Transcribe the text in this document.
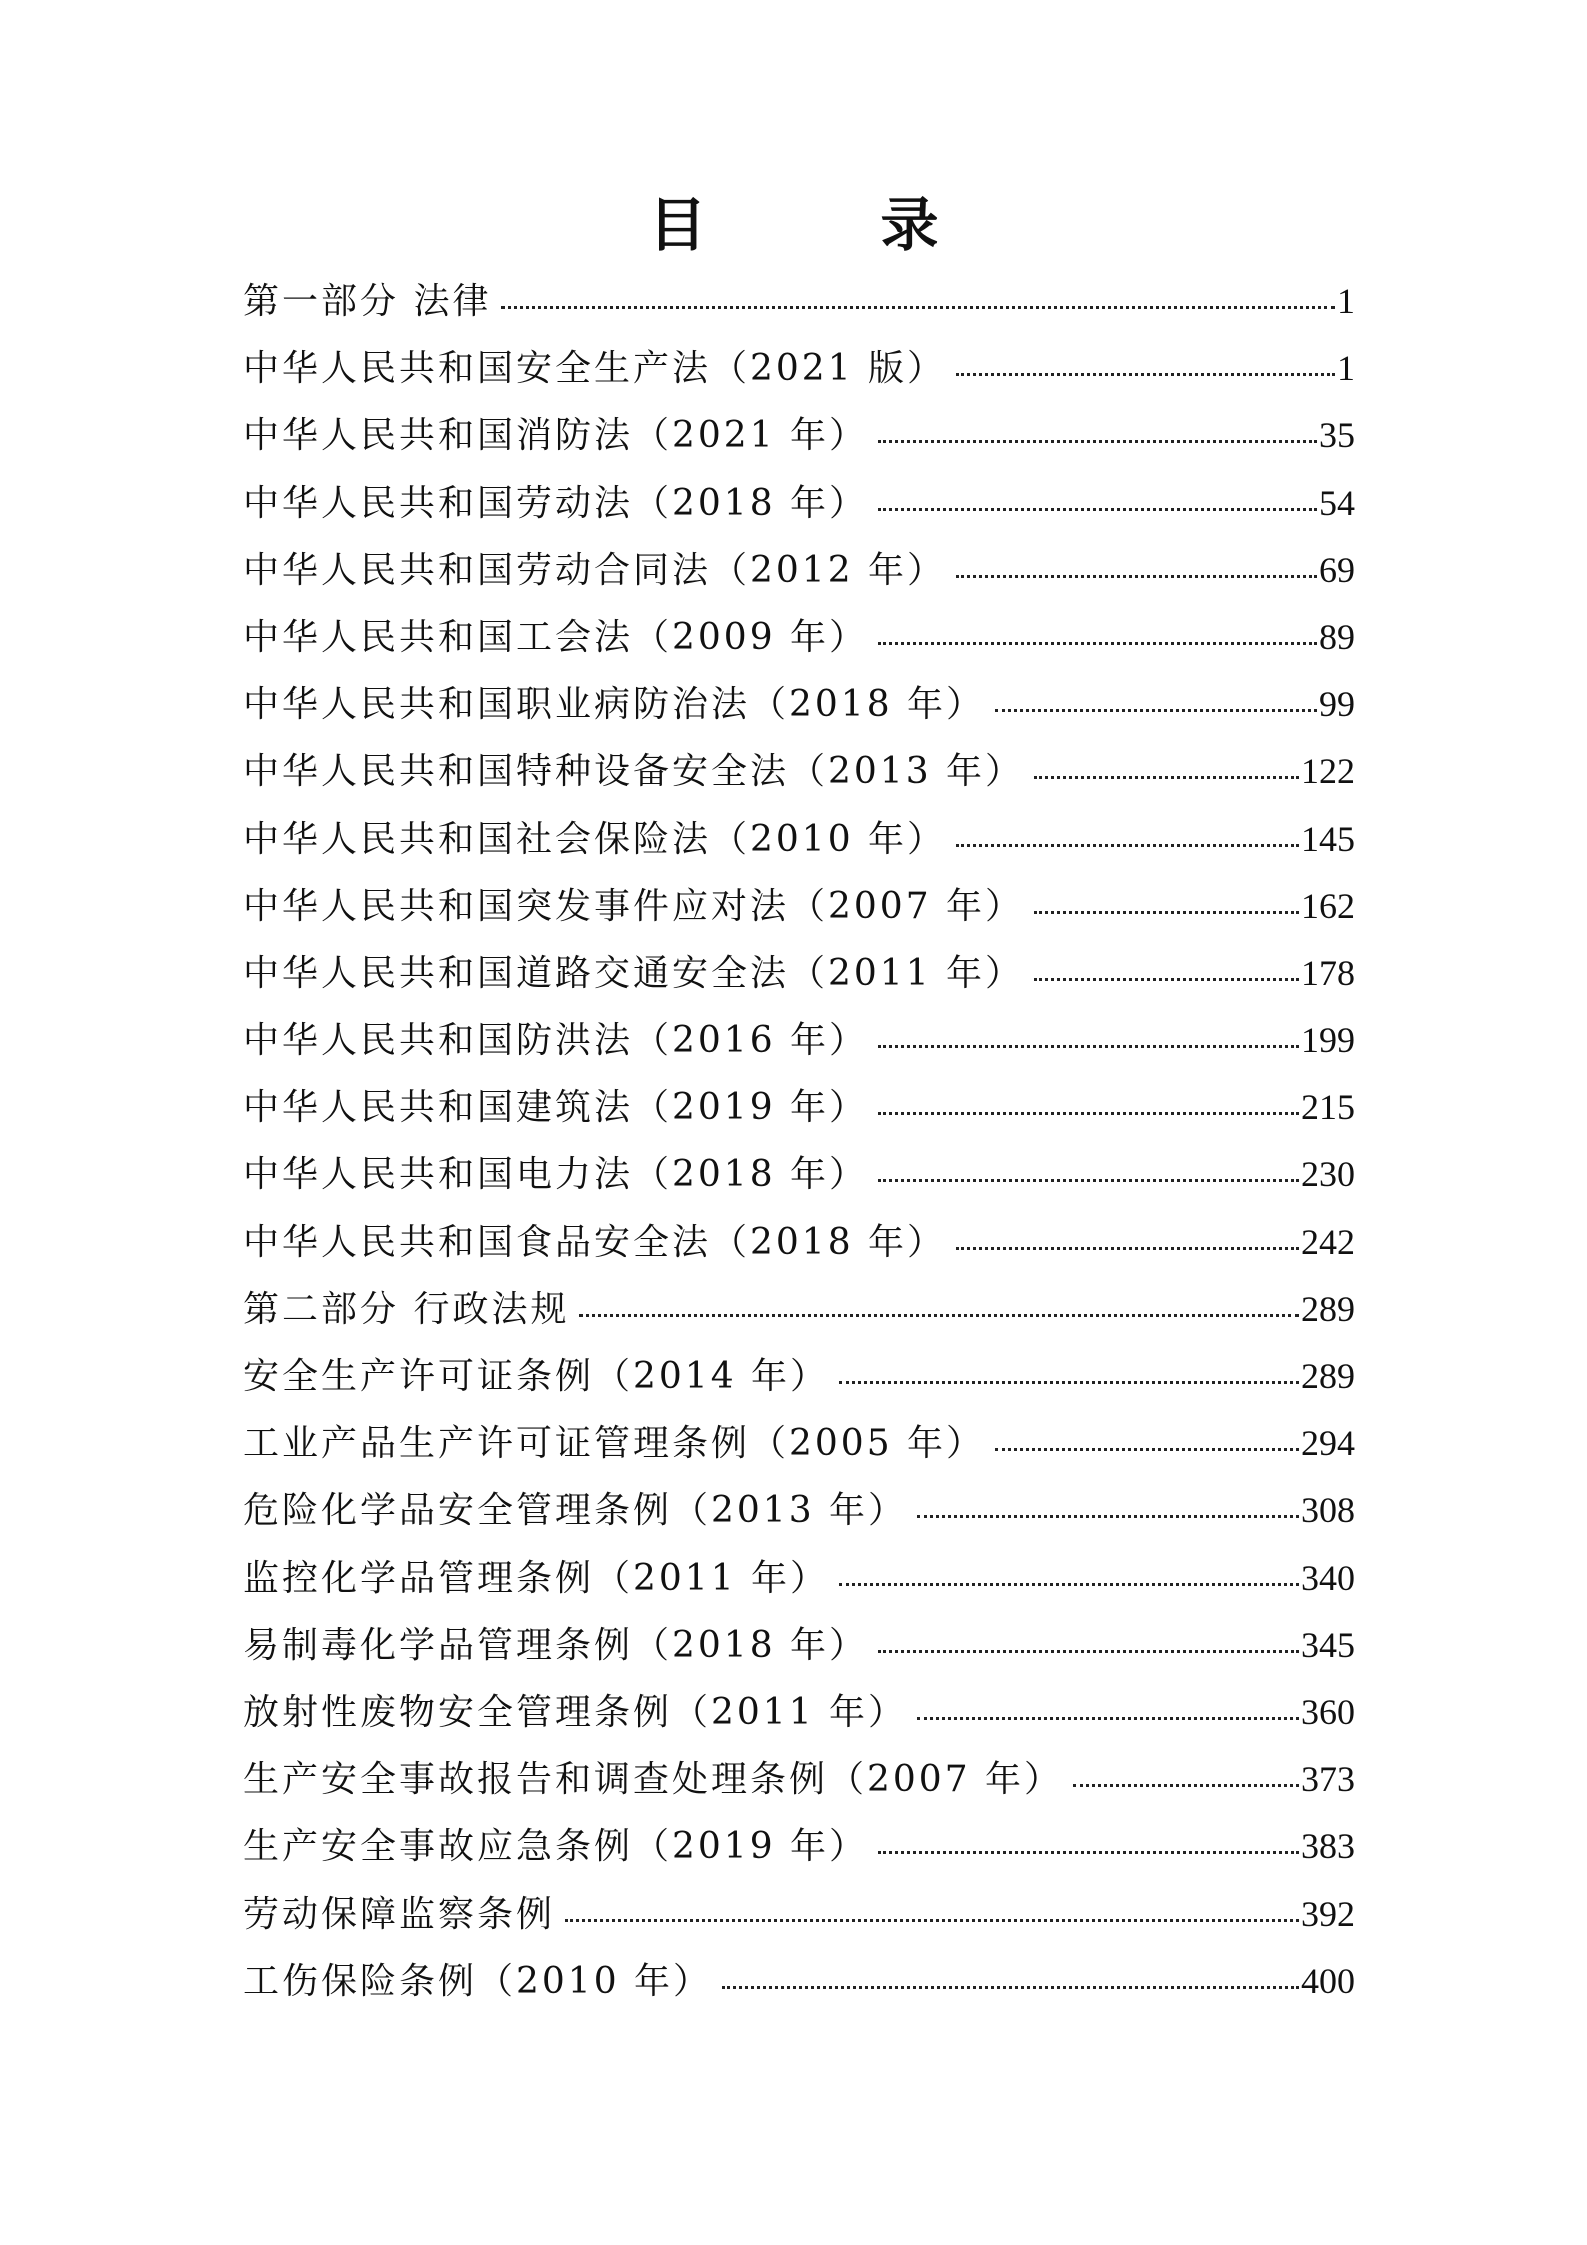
目　录
第一部分 法律	1
中华人民共和国安全生产法（2021 版）	1
中华人民共和国消防法（2021 年）	35
中华人民共和国劳动法（2018 年）	54
中华人民共和国劳动合同法（2012 年）	69
中华人民共和国工会法（2009 年）	89
中华人民共和国职业病防治法（2018 年）	99
中华人民共和国特种设备安全法（2013 年）	122
中华人民共和国社会保险法（2010 年）	145
中华人民共和国突发事件应对法（2007 年）	162
中华人民共和国道路交通安全法（2011 年）	178
中华人民共和国防洪法（2016 年）	199
中华人民共和国建筑法（2019 年）	215
中华人民共和国电力法（2018 年）	230
中华人民共和国食品安全法（2018 年）	242
第二部分 行政法规	289
安全生产许可证条例（2014 年）	289
工业产品生产许可证管理条例（2005 年）	294
危险化学品安全管理条例（2013 年）	308
监控化学品管理条例（2011 年）	340
易制毒化学品管理条例（2018 年）	345
放射性废物安全管理条例（2011 年）	360
生产安全事故报告和调查处理条例（2007 年）	373
生产安全事故应急条例（2019 年）	383
劳动保障监察条例	392
工伤保险条例（2010 年）	400
